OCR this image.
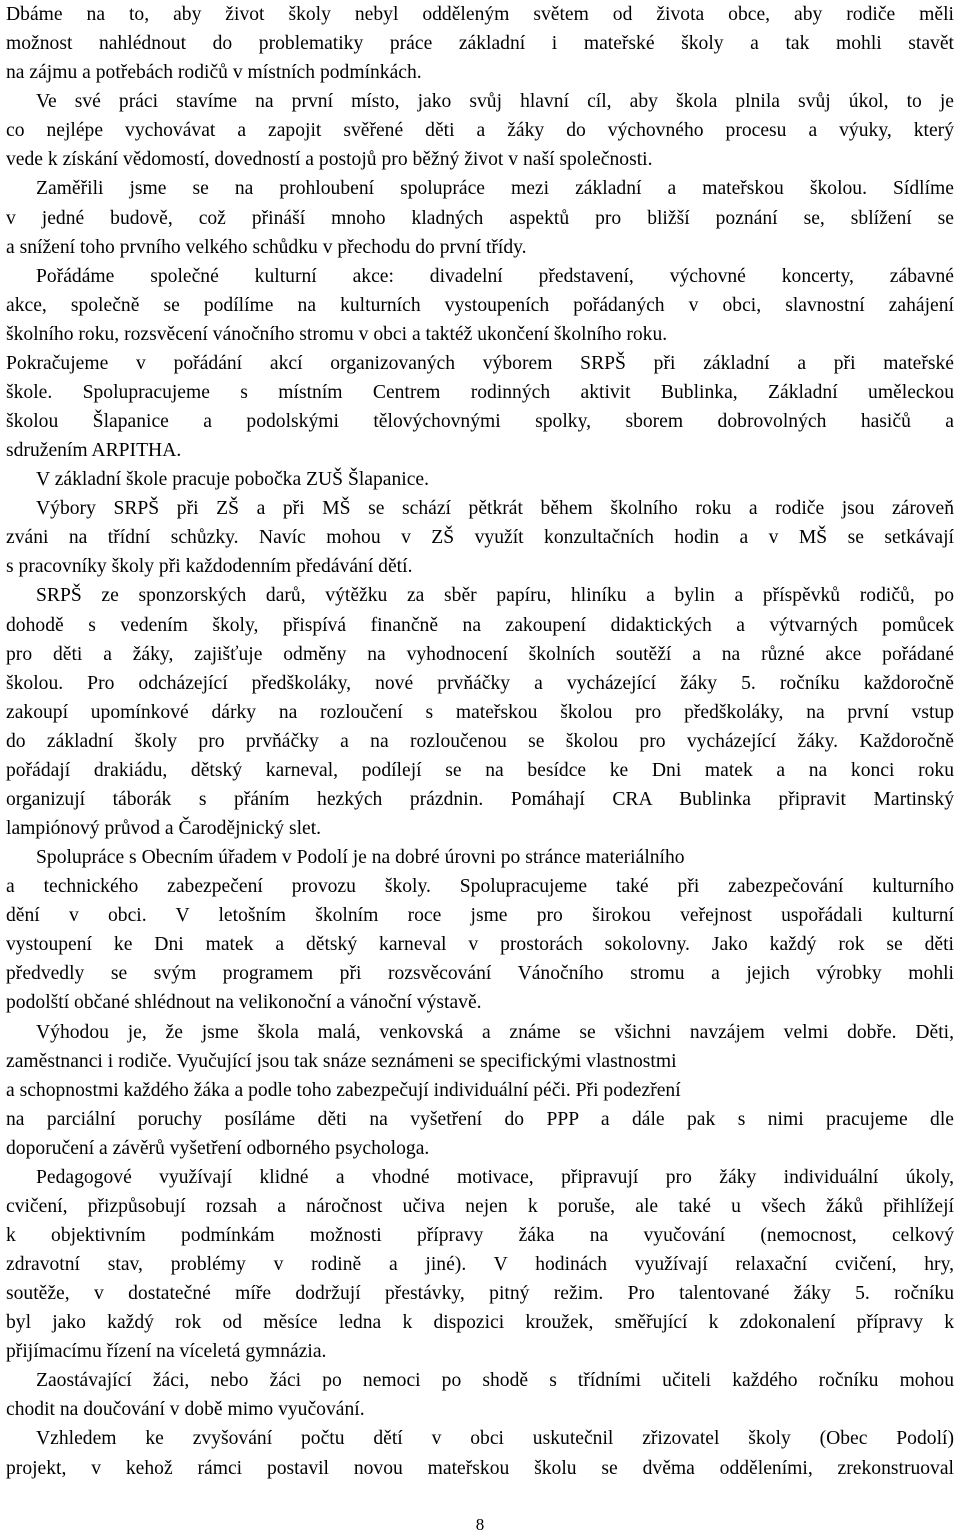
Dbáme na to, aby život školy nebyl odděleným světem od života obce, aby rodiče měli
možnost nahlédnout do problematiky práce základní i mateřské školy a tak mohli stavět
na zájmu a potřebách rodičů v místních podmínkách.
Ve své práci stavíme na první místo, jako svůj hlavní cíl, aby škola plnila svůj úkol, to je
co nejlépe vychovávat a zapojit svěřené děti a žáky do výchovného procesu a výuky, který
vede k získání vědomostí, dovedností a postojů pro běžný život v naší společnosti.
Zaměřili jsme se na prohloubení spolupráce mezi základní a mateřskou školou. Sídlíme
v jedné budově, což přináší mnoho kladných aspektů pro bližší poznání se, sblížení se
a snížení toho prvního velkého schůdku v přechodu do první třídy.
Pořádáme společné kulturní akce: divadelní představení, výchovné koncerty, zábavné
akce, společně se podílíme na kulturních vystoupeních pořádaných v obci, slavnostní zahájení
školního roku, rozsvěcení vánočního stromu v obci a taktéž ukončení školního roku.
Pokračujeme v pořádání akcí organizovaných výborem SRPŠ při základní a při mateřské
škole. Spolupracujeme s místním Centrem rodinných aktivit Bublinka, Základní uměleckou
školou Šlapanice a podolskými tělovýchovnými spolky, sborem dobrovolných hasičů a
sdružením ARPITHA.
V základní škole pracuje pobočka ZUŠ Šlapanice.
Výbory SRPŠ při ZŠ a při MŠ se schází pětkrát během školního roku a rodiče jsou zároveň
zváni na třídní schůzky. Navíc mohou v ZŠ využít konzultačních hodin a v MŠ se setkávají
s pracovníky školy při každodenním předávání dětí.
SRPŠ ze sponzorských darů, výtěžku za sběr papíru, hliníku a bylin a příspěvků rodičů, po
dohodě s vedením školy, přispívá finančně na zakoupení didaktických a výtvarných pomůcek
pro děti a žáky, zajišťuje odměny na vyhodnocení školních soutěží a na různé akce pořádané
školou. Pro odcházející předškoláky, nové prvňáčky a vycházející žáky 5. ročníku každoročně
zakoupí upomínkové dárky na rozloučení s mateřskou školou pro předškoláky, na první vstup
do základní školy pro prvňáčky a na rozloučenou se školou pro vycházející žáky. Každoročně
pořádají drakiádu, dětský karneval, podílejí se na besídce ke Dni matek a na konci roku
organizují táborák s přáním hezkých prázdnin. Pomáhají CRA Bublinka připravit Martinský
lampiónový průvod a Čarodějnický slet.
Spolupráce s Obecním úřadem v Podolí je na dobré úrovni po stránce materiálního
a technického zabezpečení provozu školy. Spolupracujeme také při zabezpečování kulturního
dění v obci. V letošním školním roce jsme pro širokou veřejnost uspořádali kulturní
vystoupení ke Dni matek a dětský karneval v prostorách sokolovny. Jako každý rok se děti
předvedly se svým programem při rozsvěcování Vánočního stromu a jejich výrobky mohli
podolští občané shlédnout na velikonoční a vánoční výstavě.
Výhodou je, že jsme škola malá, venkovská a známe se všichni navzájem velmi dobře. Děti,
zaměstnanci i rodiče. Vyučující jsou tak snáze seznámeni se specifickými vlastnostmi
a schopnostmi každého žáka a podle toho zabezpečují individuální péči. Při podezření
na parciální poruchy posíláme děti na vyšetření do PPP a dále pak s nimi pracujeme dle
doporučení a závěrů vyšetření odborného psychologa.
Pedagogové využívají klidné a vhodné motivace, připravují pro žáky individuální úkoly,
cvičení, přizpůsobují rozsah a náročnost učiva nejen k poruše, ale také u všech žáků přihlížejí
k objektivním podmínkám možnosti přípravy žáka na vyučování (nemocnost, celkový
zdravotní stav, problémy v rodině a jiné). V hodinách využívají relaxační cvičení, hry,
soutěže, v dostatečné míře dodržují přestávky, pitný režim. Pro talentované žáky 5. ročníku
byl jako každý rok od měsíce ledna k dispozici kroužek, směřující k zdokonalení přípravy k
přijímacímu řízení na víceletá gymnázia.
Zaostávající žáci, nebo žáci po nemoci po shodě s třídními učiteli každého ročníku mohou
chodit na doučování v době mimo vyučování.
Vzhledem ke zvyšování počtu dětí v obci uskutečnil zřizovatel školy (Obec Podolí)
projekt, v kehož rámci postavil novou mateřskou školu se dvěma odděleními, zrekonstruoval
8
